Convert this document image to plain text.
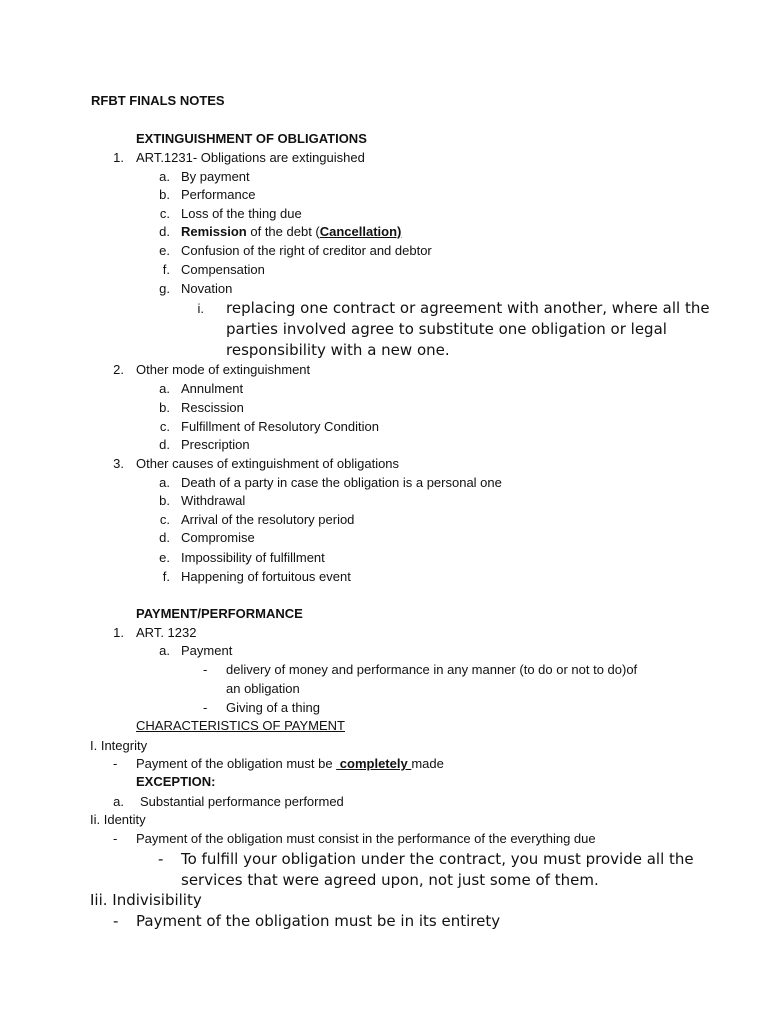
RFBT FINALS NOTES
EXTINGUISHMENT OF OBLIGATIONS
1. ART.1231- Obligations are extinguished
a. By payment
b. Performance
c. Loss of the thing due
d. Remission of the debt (Cancellation)
e. Confusion of the right of creditor and debtor
f. Compensation
g. Novation
i. replacing one contract or agreement with another, where all the
parties involved agree to substitute one obligation or legal
responsibility with a new one.
2. Other mode of extinguishment
a. Annulment
b. Rescission
c. Fulfillment of Resolutory Condition
d. Prescription
3. Other causes of extinguishment of obligations
a. Death of a party in case the obligation is a personal one
b. Withdrawal
c. Arrival of the resolutory period
d. Compromise
e. Impossibility of fulfillment
f. Happening of fortuitous event
PAYMENT/PERFORMANCE
1. ART. 1232
a. Payment
- delivery of money and performance in any manner (to do or not to do)of
an obligation
- Giving of a thing
CHARACTERISTICS OF PAYMENT
I. Integrity
- Payment of the obligation must be  completely made
EXCEPTION:
a. Substantial performance performed
Ii. Identity
- Payment of the obligation must consist in the performance of the everything due
- To fulfill your obligation under the contract, you must provide all the
services that were agreed upon, not just some of them.
Iii. Indivisibility
- Payment of the obligation must be in its entirety
